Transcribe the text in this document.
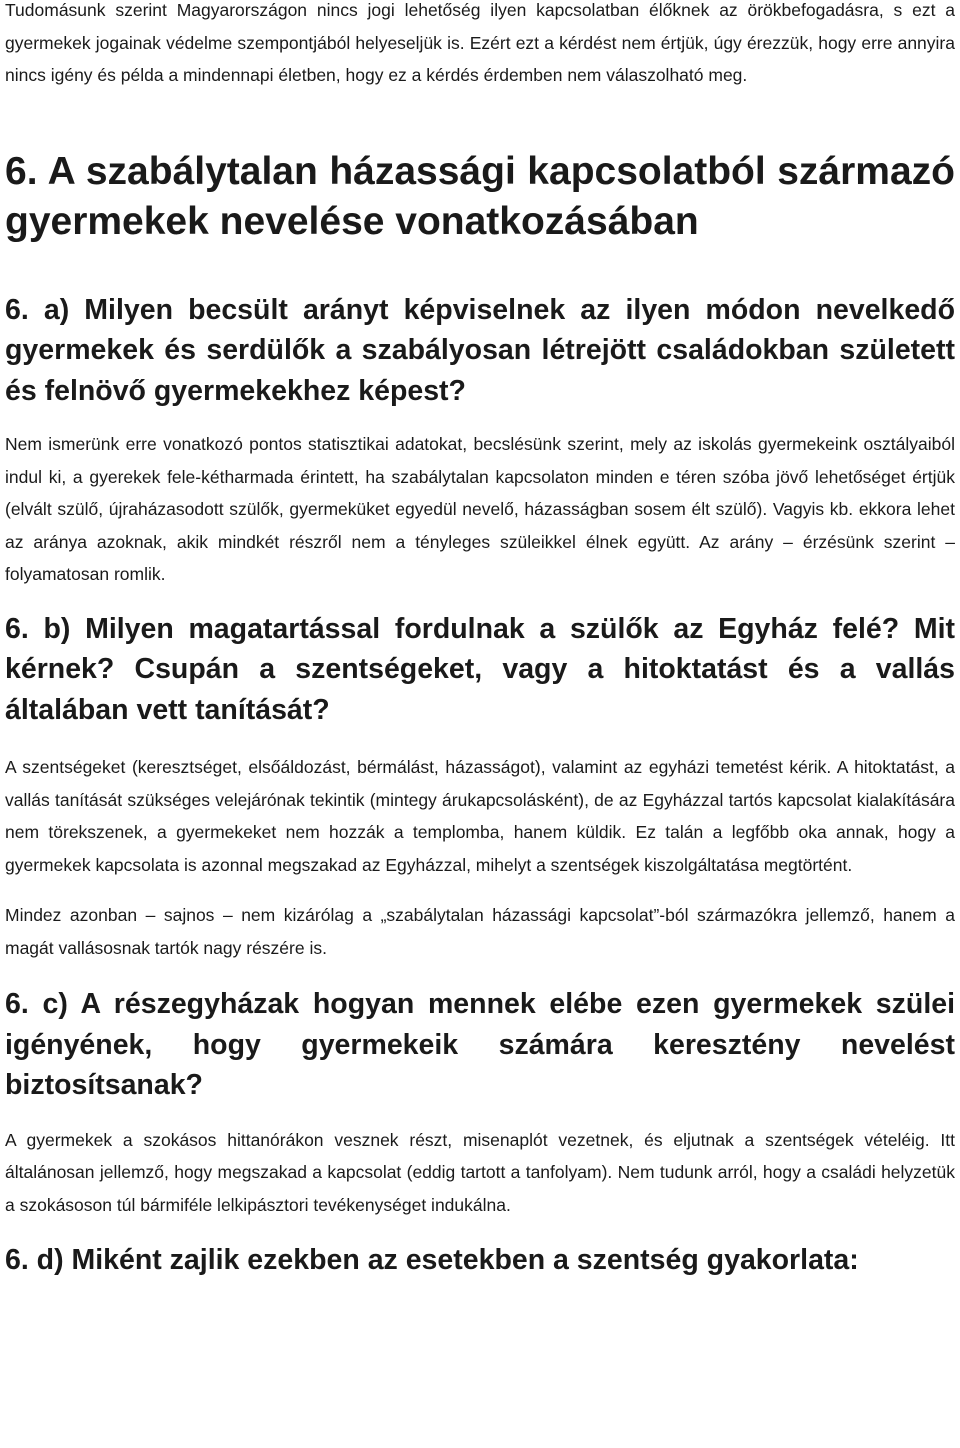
Tudomásunk szerint Magyarországon nincs jogi lehetőség ilyen kapcsolatban élőknek az örökbefogadásra, s ezt a gyermekek jogainak védelme szempontjából helyeseljük is. Ezért ezt a kérdést nem értjük, úgy érezzük, hogy erre annyira nincs igény és példa a mindennapi életben, hogy ez a kérdés érdemben nem válaszolható meg.

6. A szabálytalan házassági kapcsolatból származó gyermekek nevelése vonatkozásában
6. a) Milyen becsült arányt képviselnek az ilyen módon nevelkedő gyermekek és serdülők a szabályosan létrejött családokban született és felnövő gyermekekhez képest?

Nem ismerünk erre vonatkozó pontos statisztikai adatokat, becslésünk szerint, mely az iskolás gyermekeink osztályaiból indul ki, a gyerekek fele-kétharmada érintett, ha szabálytalan kapcsolaton minden e téren szóba jövő lehetőséget értjük (elvált szülő, újraházasodott szülők, gyermeküket egyedül nevelő, házasságban sosem élt szülő). Vagyis kb. ekkora lehet az aránya azoknak, akik mindkét részről nem a tényleges szüleikkel élnek együtt. Az arány – érzésünk szerint – folyamatosan romlik.

6. b) Milyen magatartással fordulnak a szülők az Egyház felé? Mit kérnek? Csupán a szentségeket, vagy a hitoktatást és a vallás általában vett tanítását?

A szentségeket (keresztséget, elsőáldozást, bérmálást, házasságot), valamint az egyházi temetést kérik. A hitoktatást, a vallás tanítását szükséges velejárónak tekintik (mintegy árukapcsolásként), de az Egyházzal tartós kapcsolat kialakítására nem törekszenek, a gyermekeket nem hozzák a templomba, hanem küldik. Ez talán a legfőbb oka annak, hogy a gyermekek kapcsolata is azonnal megszakad az Egyházzal, mihelyt a szentségek kiszolgáltatása megtörtént.

Mindez azonban – sajnos – nem kizárólag a „szabálytalan házassági kapcsolat”-ból származókra jellemző, hanem a magát vallásosnak tartók nagy részére is.

6. c) A részegyházak hogyan mennek elébe ezen gyermekek szülei igényének, hogy gyermekeik számára keresztény nevelést biztosítsanak?

A gyermekek a szokásos hittanórákon vesznek részt, misenaplót vezetnek, és eljutnak a szentségek vételéig. Itt általánosan jellemző, hogy megszakad a kapcsolat (eddig tartott a tanfolyam). Nem tudunk arról, hogy a családi helyzetük a szokásoson túl bármiféle lelkipásztori tevékenységet indukálna.

6. d) Miként zajlik ezekben az esetekben a szentség gyakorlata:
